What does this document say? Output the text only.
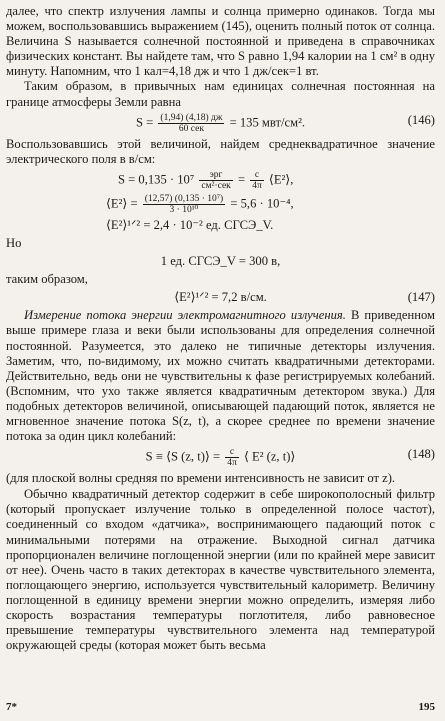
далее, что спектр излучения лампы и солнца примерно одинаков. Тогда мы можем, воспользовавшись выражением (145), оценить полный поток от солнца. Величина S называется солнечной постоянной и приведена в справочниках физических констант. Вы найдете там, что S равно 1,94 калории на 1 см² в одну минуту. Напомним, что 1 кал=4,18 дж и что 1 дж/сек=1 вт.

Таким образом, в привычных нам единицах солнечная постоянная на границе атмосферы Земли равна

$S = \frac{(1,94) (4,18) дж}{\text{60 сек}} = 135$ мвт/см².	(146)

Воспользовавшись этой величиной, найдем среднеквадратичное значение электрического поля в в/см:

$S = 0,135 \cdot 10^7 \frac{\text{эрг}}{\text{см²·сек}} = \frac{c}{4\pi}$ ⟨E²⟩,
⟨E²⟩ = $\frac{\text{(12,57) (0,135 · 10⁷)}}{\text{3 · 10¹⁰}} = 5,6 \cdot 10^{-4}$,
⟨E²⟩¹ᐟ² = 2,4 · 10⁻² ед. СГСЭ_V.

Но

1 ед. СГСЭ_V = 300 в,

таким образом,

⟨E²⟩¹ᐟ² = 7,2 в/см.	(147)

Измерение потока энергии электромагнитного излучения. В приведенном выше примере глаза и веки были использованы для определения солнечной постоянной. Разумеется, это далеко не типичные детекторы излучения. Заметим, что, по-видимому, их можно считать квадратичными детекторами. Действительно, ведь они не чувствительны к фазе регистрируемых колебаний. (Вспомним, что ухо также является квадратичным детектором звука.) Для подобных детекторов величиной, описывающей падающий поток, является не мгновенное значение потока S(z, t), а скорее среднее по времени значение потока за один цикл колебаний:

S ≡ ⟨S (z, t)⟩ = $\frac{c}{4\pi}$ ⟨ E² (z, t)⟩	(148)

(для плоской волны средняя по времени интенсивность не зависит от z).

Обычно квадратичный детектор содержит в себе широкополосный фильтр (который пропускает излучение только в определенной полосе частот), соединенный со входом «датчика», воспринимающего падающий поток с минимальными потерями на отражение. Выходной сигнал датчика пропорционален величине поглощенной энергии (или по крайней мере зависит от нее). Очень часто в таких детекторах в качестве чувствительного элемента, поглощающего энергию, используется чувствительный калориметр. Величину поглощенной в единицу времени энергии можно определить, измеряя либо скорость возрастания температуры поглотителя, либо равновесное превышение температуры чувствительного элемента над температурой окружающей среды (которая может быть весьма

7*	195
